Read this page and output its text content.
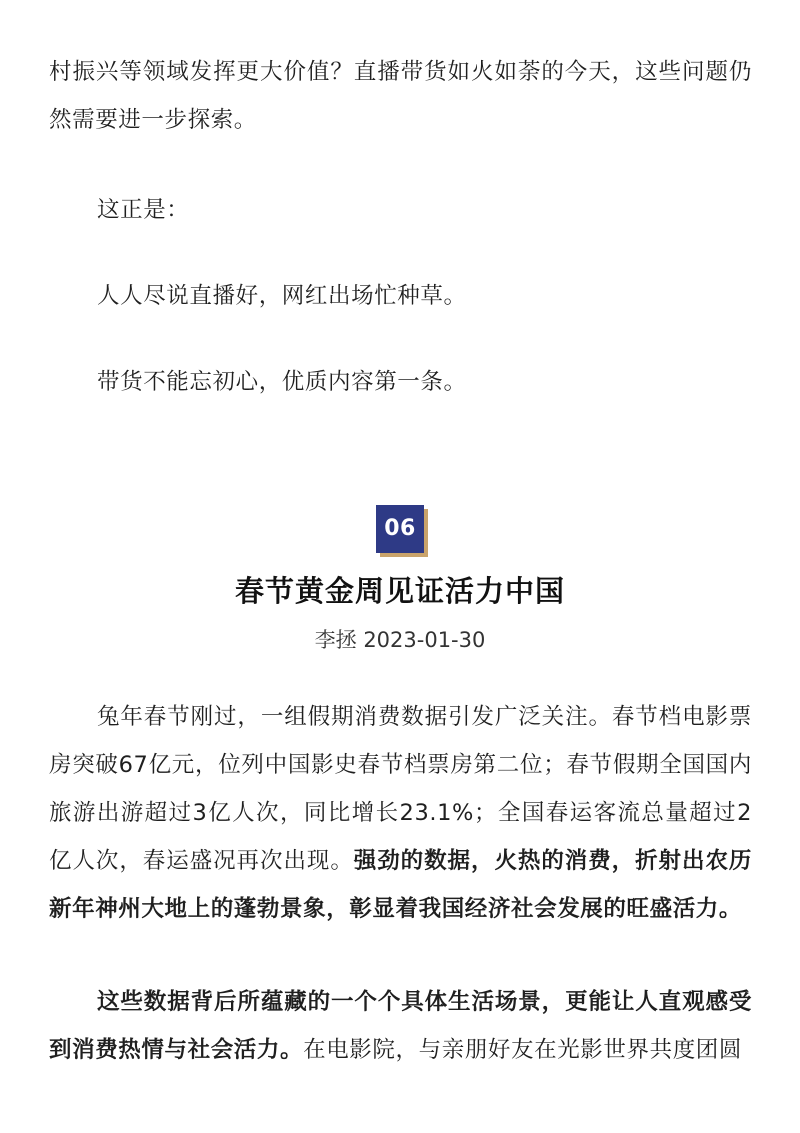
村振兴等领域发挥更大价值？直播带货如火如荼的今天，这些问题仍然需要进一步探索。

这正是：

人人尽说直播好，网红出场忙种草。

带货不能忘初心，优质内容第一条。

06
春节黄金周见证活力中国

李拯 2023-01-30

兔年春节刚过，一组假期消费数据引发广泛关注。春节档电影票房突破67亿元，位列中国影史春节档票房第二位；春节假期全国国内旅游出游超过3亿人次，同比增长23.1%；全国春运客流总量超过2亿人次，春运盛况再次出现。强劲的数据，火热的消费，折射出农历新年神州大地上的蓬勃景象，彰显着我国经济社会发展的旺盛活力。

这些数据背后所蕴藏的一个个具体生活场景，更能让人直观感受到消费热情与社会活力。在电影院，与亲朋好友在光影世界共度团圆
